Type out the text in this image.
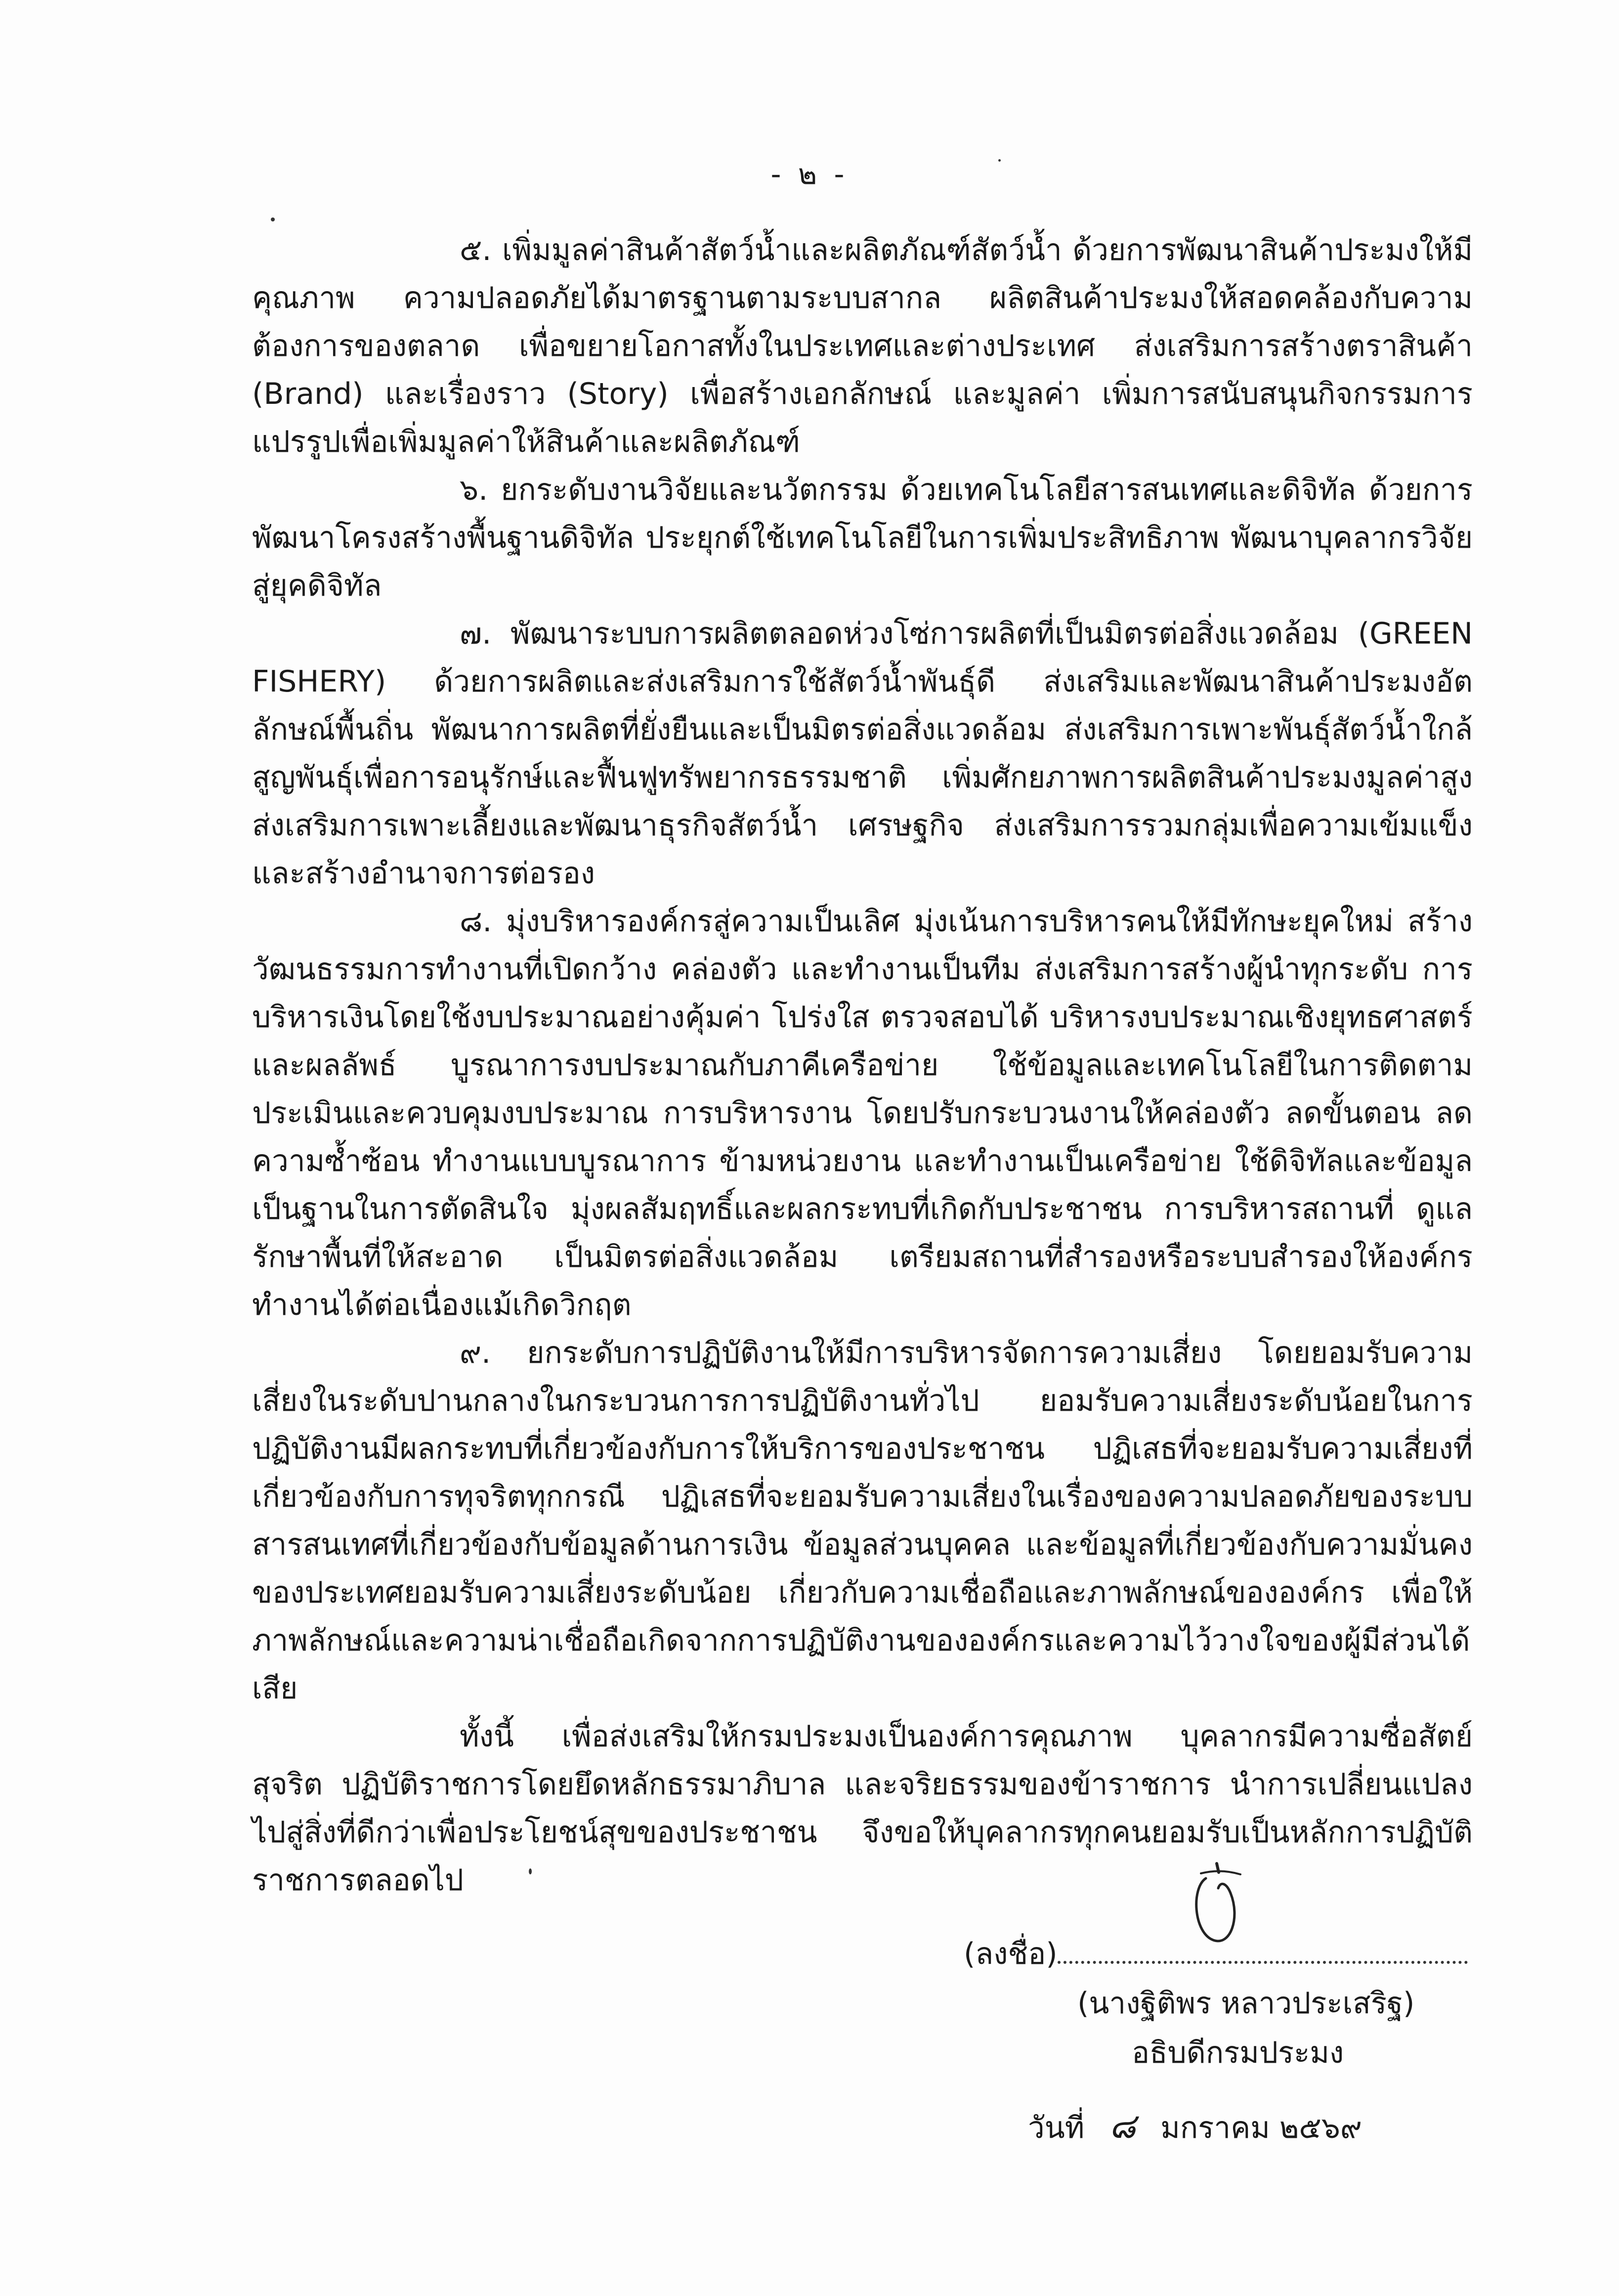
- ๒ -

๕. เพิ่มมูลค่าสินค้าสัตว์น้ำและผลิตภัณฑ์สัตว์น้ำ ด้วยการพัฒนาสินค้าประมงให้มีคุณภาพ ความปลอดภัยได้มาตรฐานตามระบบสากล ผลิตสินค้าประมงให้สอดคล้องกับความต้องการของตลาด เพื่อขยายโอกาสทั้งในประเทศและต่างประเทศ ส่งเสริมการสร้างตราสินค้า (Brand) และเรื่องราว (Story) เพื่อสร้างเอกลักษณ์ และมูลค่า เพิ่มการสนับสนุนกิจกรรมการแปรรูปเพื่อเพิ่มมูลค่าให้สินค้าและผลิตภัณฑ์

๖. ยกระดับงานวิจัยและนวัตกรรม ด้วยเทคโนโลยีสารสนเทศและดิจิทัล ด้วยการพัฒนาโครงสร้างพื้นฐานดิจิทัล ประยุกต์ใช้เทคโนโลยีในการเพิ่มประสิทธิภาพ พัฒนาบุคลากรวิจัยสู่ยุคดิจิทัล

๗. พัฒนาระบบการผลิตตลอดห่วงโซ่การผลิตที่เป็นมิตรต่อสิ่งแวดล้อม (GREEN FISHERY) ด้วยการผลิตและส่งเสริมการใช้สัตว์น้ำพันธุ์ดี ส่งเสริมและพัฒนาสินค้าประมงอัตลักษณ์พื้นถิ่น พัฒนาการผลิตที่ยั่งยืนและเป็นมิตรต่อสิ่งแวดล้อม ส่งเสริมการเพาะพันธุ์สัตว์น้ำใกล้สูญพันธุ์เพื่อการอนุรักษ์และฟื้นฟูทรัพยากรธรรมชาติ เพิ่มศักยภาพการผลิตสินค้าประมงมูลค่าสูง ส่งเสริมการเพาะเลี้ยงและพัฒนาธุรกิจสัตว์น้ำ เศรษฐกิจ ส่งเสริมการรวมกลุ่มเพื่อความเข้มแข็ง และสร้างอำนาจการต่อรอง

๘. มุ่งบริหารองค์กรสู่ความเป็นเลิศ มุ่งเน้นการบริหารคนให้มีทักษะยุคใหม่ สร้างวัฒนธรรมการทำงานที่เปิดกว้าง คล่องตัว และทำงานเป็นทีม ส่งเสริมการสร้างผู้นำทุกระดับ การบริหารเงินโดยใช้งบประมาณอย่างคุ้มค่า โปร่งใส ตรวจสอบได้ บริหารงบประมาณเชิงยุทธศาสตร์และผลลัพธ์ บูรณาการงบประมาณกับภาคีเครือข่าย ใช้ข้อมูลและเทคโนโลยีในการติดตาม ประเมินและควบคุมงบประมาณ การบริหารงาน โดยปรับกระบวนงานให้คล่องตัว ลดขั้นตอน ลดความซ้ำซ้อน ทำงานแบบบูรณาการ ข้ามหน่วยงาน และทำงานเป็นเครือข่าย ใช้ดิจิทัลและข้อมูลเป็นฐานในการตัดสินใจ มุ่งผลสัมฤทธิ์และผลกระทบที่เกิดกับประชาชน การบริหารสถานที่ ดูแลรักษาพื้นที่ให้สะอาด เป็นมิตรต่อสิ่งแวดล้อม เตรียมสถานที่สำรองหรือระบบสำรองให้องค์กรทำงานได้ต่อเนื่องแม้เกิดวิกฤต

๙. ยกระดับการปฏิบัติงานให้มีการบริหารจัดการความเสี่ยง โดยยอมรับความเสี่ยงในระดับปานกลางในกระบวนการการปฏิบัติงานทั่วไป ยอมรับความเสี่ยงระดับน้อยในการปฏิบัติงานมีผลกระทบที่เกี่ยวข้องกับการให้บริการของประชาชน ปฏิเสธที่จะยอมรับความเสี่ยงที่เกี่ยวข้องกับการทุจริตทุกกรณี ปฏิเสธที่จะยอมรับความเสี่ยงในเรื่องของความปลอดภัยของระบบสารสนเทศที่เกี่ยวข้องกับข้อมูลด้านการเงิน ข้อมูลส่วนบุคคล และข้อมูลที่เกี่ยวข้องกับความมั่นคงของประเทศยอมรับความเสี่ยงระดับน้อย เกี่ยวกับความเชื่อถือและภาพลักษณ์ขององค์กร เพื่อให้ภาพลักษณ์และความน่าเชื่อถือเกิดจากการปฏิบัติงานขององค์กรและความไว้วางใจของผู้มีส่วนได้เสีย

ทั้งนี้ เพื่อส่งเสริมให้กรมประมงเป็นองค์การคุณภาพ บุคลากรมีความซื่อสัตย์ สุจริต ปฏิบัติราชการโดยยึดหลักธรรมาภิบาล และจริยธรรมของข้าราชการ นำการเปลี่ยนแปลงไปสู่สิ่งที่ดีกว่าเพื่อประโยชน์สุขของประชาชน จึงขอให้บุคลากรทุกคนยอมรับเป็นหลักการปฏิบัติราชการตลอดไป

(ลงชื่อ)
(นางฐิติพร หลาวประเสริฐ)
อธิบดีกรมประมง
วันที่ ๘ มกราคม ๒๕๖๙
